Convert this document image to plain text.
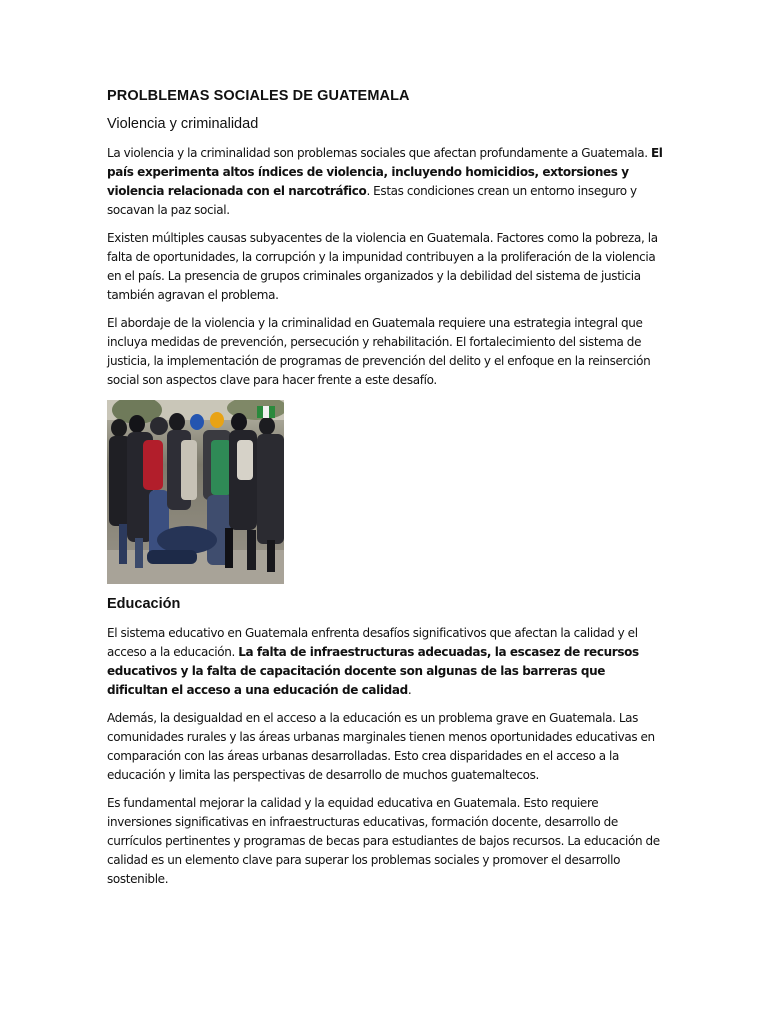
PROLBLEMAS SOCIALES DE GUATEMALA
Violencia y criminalidad

La violencia y la criminalidad son problemas sociales que afectan profundamente a Guatemala. El país experimenta altos índices de violencia, incluyendo homicidios, extorsiones y violencia relacionada con el narcotráfico. Estas condiciones crean un entorno inseguro y socavan la paz social.

Existen múltiples causas subyacentes de la violencia en Guatemala. Factores como la pobreza, la falta de oportunidades, la corrupción y la impunidad contribuyen a la proliferación de la violencia en el país. La presencia de grupos criminales organizados y la debilidad del sistema de justicia también agravan el problema.

El abordaje de la violencia y la criminalidad en Guatemala requiere una estrategia integral que incluya medidas de prevención, persecución y rehabilitación. El fortalecimiento del sistema de justicia, la implementación de programas de prevención del delito y el enfoque en la reinserción social son aspectos clave para hacer frente a este desafío.

Educación

El sistema educativo en Guatemala enfrenta desafíos significativos que afectan la calidad y el acceso a la educación. La falta de infraestructuras adecuadas, la escasez de recursos educativos y la falta de capacitación docente son algunas de las barreras que dificultan el acceso a una educación de calidad.

Además, la desigualdad en el acceso a la educación es un problema grave en Guatemala. Las comunidades rurales y las áreas urbanas marginales tienen menos oportunidades educativas en comparación con las áreas urbanas desarrolladas. Esto crea disparidades en el acceso a la educación y limita las perspectivas de desarrollo de muchos guatemaltecos.

Es fundamental mejorar la calidad y la equidad educativa en Guatemala. Esto requiere inversiones significativas en infraestructuras educativas, formación docente, desarrollo de currículos pertinentes y programas de becas para estudiantes de bajos recursos. La educación de calidad es un elemento clave para superar los problemas sociales y promover el desarrollo sostenible.
